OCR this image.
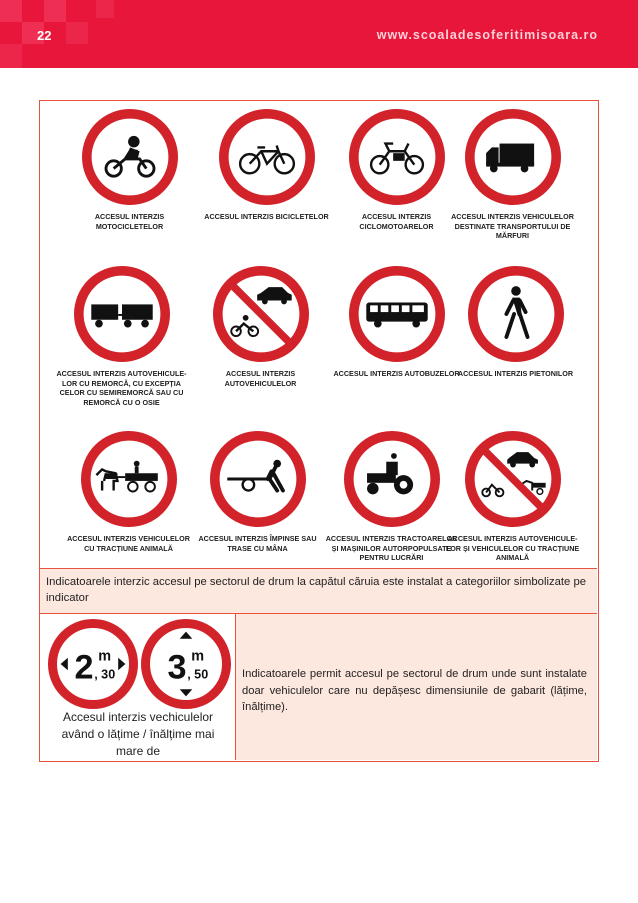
22	www.scoaladesoferitimisoara.ro
ACCESUL INTERZIS MOTOCICLETELOR
ACCESUL INTERZIS BICICLETELOR	ACCESUL INTERZIS CICLOMOTOARELOR
ACCESUL INTERZIS VEHICULELOR DESTINATE TRANSPORTULUI DE MĂRFURI
ACCESUL INTERZIS AUTOVEHICULE-LOR CU REMORCĂ, CU EXCEPȚIA CELOR CU SEMIREMORCĂ SAU CU REMORCĂ CU O OSIE
ACCESUL INTERZIS AUTOVEHICULELOR
ACCESUL INTERZIS AUTOBUZELOR
ACCESUL INTERZIS PIETONILOR
ACCESUL INTERZIS VEHICULELOR CU TRACȚIUNE ANIMALĂ
ACCESUL INTERZIS ÎMPINSE SAU TRASE CU MÂNA
ACCESUL INTERZIS TRACTOARELOR ȘI MAȘINILOR AUTORPOPULSATE PENTRU LUCRĂRI
ACCESUL INTERZIS AUTOVEHICULE-LOR ȘI VEHICULELOR CU TRACȚIUNE ANIMALĂ
Indicatoarele interzic accesul pe sectorul de drum la capătul căruia este instalat a categoriilor simbolizate pe indicator
2 m
, 30 3 m
, 50
Accesul interzis vechiculelor având o lățime / înălțime mai mare de
Indicatoarele permit accesul pe sectorul de drum unde sunt instalate doar vehiculelor care nu depășesc dimensiunile de gabarit (lățime, înălțime).
